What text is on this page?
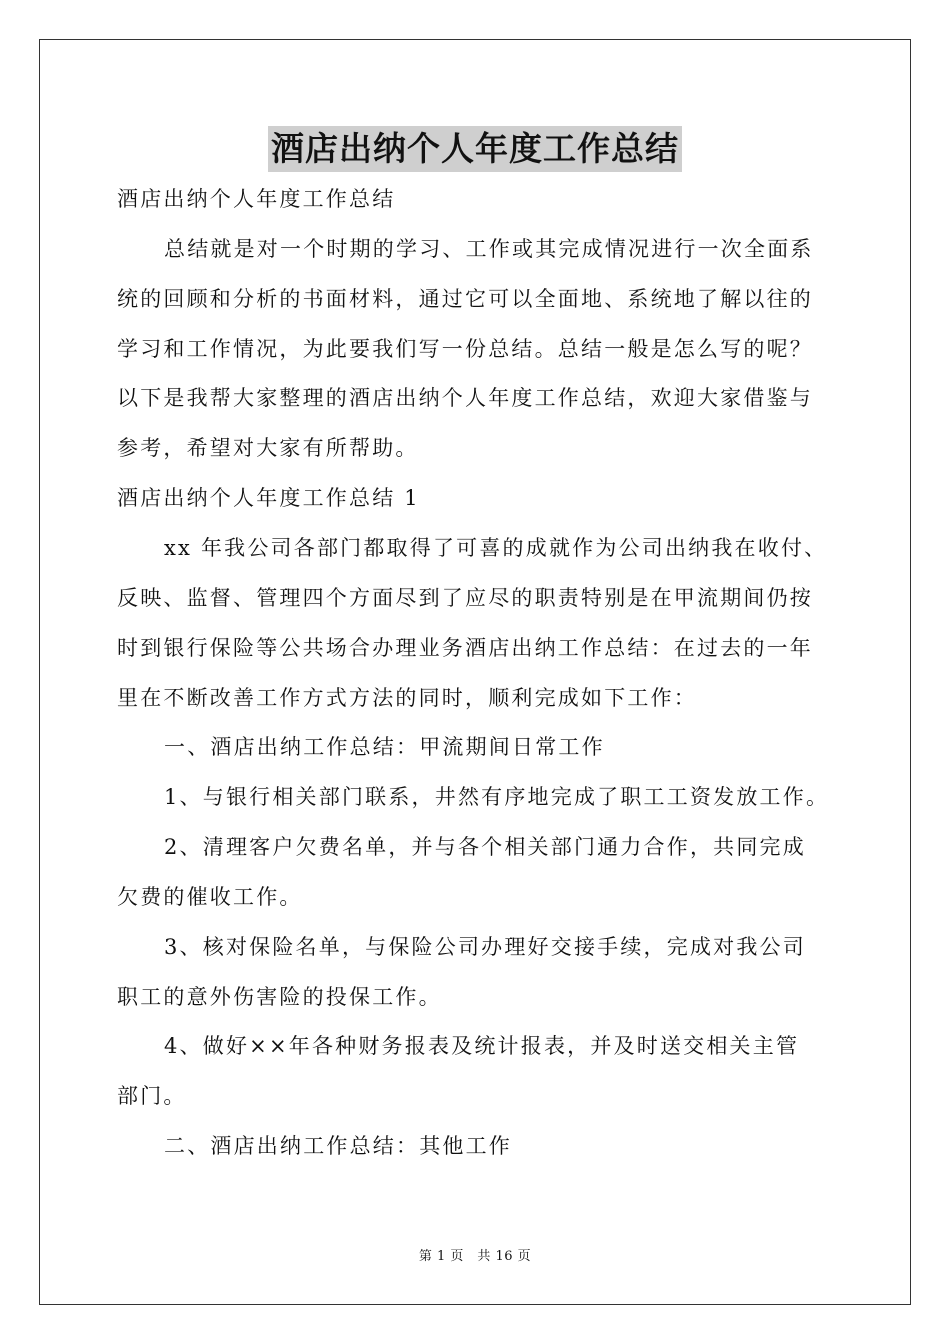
酒店出纳个人年度工作总结
酒店出纳个人年度工作总结
总结就是对一个时期的学习、工作或其完成情况进行一次全面系
统的回顾和分析的书面材料，通过它可以全面地、系统地了解以往的
学习和工作情况，为此要我们写一份总结。总结一般是怎么写的呢？
以下是我帮大家整理的酒店出纳个人年度工作总结，欢迎大家借鉴与
参考，希望对大家有所帮助。
酒店出纳个人年度工作总结 1
xx 年我公司各部门都取得了可喜的成就作为公司出纳我在收付、
反映、监督、管理四个方面尽到了应尽的职责特别是在甲流期间仍按
时到银行保险等公共场合办理业务酒店出纳工作总结：在过去的一年
里在不断改善工作方式方法的同时，顺利完成如下工作：
一、酒店出纳工作总结：甲流期间日常工作
1、与银行相关部门联系，井然有序地完成了职工工资发放工作。
2、清理客户欠费名单，并与各个相关部门通力合作，共同完成
欠费的催收工作。
3、核对保险名单，与保险公司办理好交接手续，完成对我公司
职工的意外伤害险的投保工作。
4、做好××年各种财务报表及统计报表，并及时送交相关主管
部门。
二、酒店出纳工作总结：其他工作
第 1 页　共 16 页
